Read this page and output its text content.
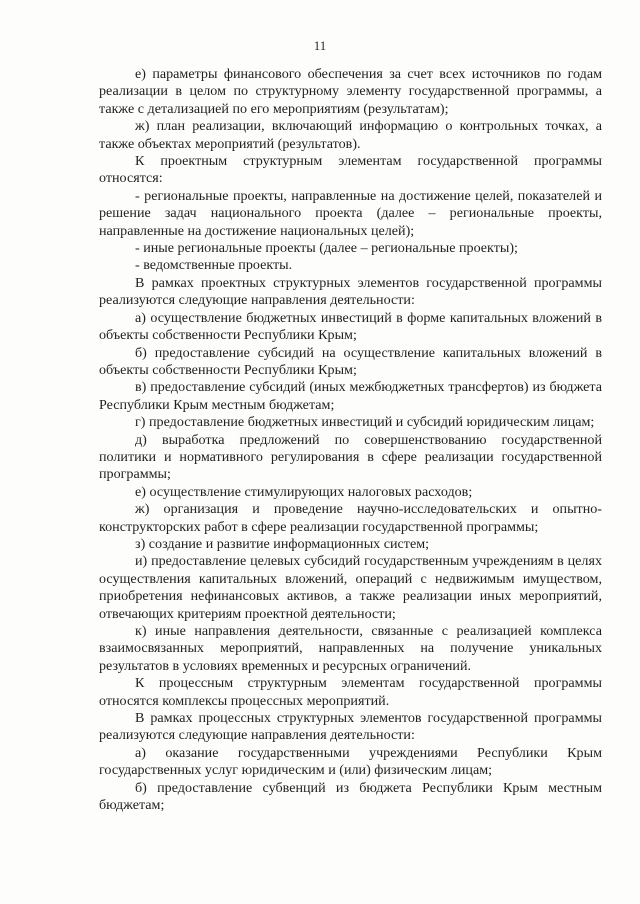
11

е) параметры финансового обеспечения за счет всех источников по годам реализации в целом по структурному элементу государственной программы, а также с детализацией по его мероприятиям (результатам);

ж) план реализации, включающий информацию о контрольных точках, а также объектах мероприятий (результатов).

К проектным структурным элементам государственной программы относятся:

- региональные проекты, направленные на достижение целей, показателей и решение задач национального проекта (далее – региональные проекты, направленные на достижение национальных целей);

- иные региональные проекты (далее – региональные проекты);

- ведомственные проекты.

В рамках проектных структурных элементов государственной программы реализуются следующие направления деятельности:

а) осуществление бюджетных инвестиций в форме капитальных вложений в объекты собственности Республики Крым;

б) предоставление субсидий на осуществление капитальных вложений в объекты собственности Республики Крым;

в) предоставление субсидий (иных межбюджетных трансфертов) из бюджета Республики Крым местным бюджетам;

г) предоставление бюджетных инвестиций и субсидий юридическим лицам;

д) выработка предложений по совершенствованию государственной политики и нормативного регулирования в сфере реализации государственной программы;

е) осуществление стимулирующих налоговых расходов;

ж) организация и проведение научно-исследовательских и опытно-конструкторских работ в сфере реализации государственной программы;

з) создание и развитие информационных систем;

и) предоставление целевых субсидий государственным учреждениям в целях осуществления капитальных вложений, операций с недвижимым имуществом, приобретения нефинансовых активов, а также реализации иных мероприятий, отвечающих критериям проектной деятельности;

к) иные направления деятельности, связанные с реализацией комплекса взаимосвязанных мероприятий, направленных на получение уникальных результатов в условиях временных и ресурсных ограничений.

К процессным структурным элементам государственной программы относятся комплексы процессных мероприятий.

В рамках процессных структурных элементов государственной программы реализуются следующие направления деятельности:

а) оказание государственными учреждениями Республики Крым государственных услуг юридическим и (или) физическим лицам;

б) предоставление субвенций из бюджета Республики Крым местным бюджетам;
